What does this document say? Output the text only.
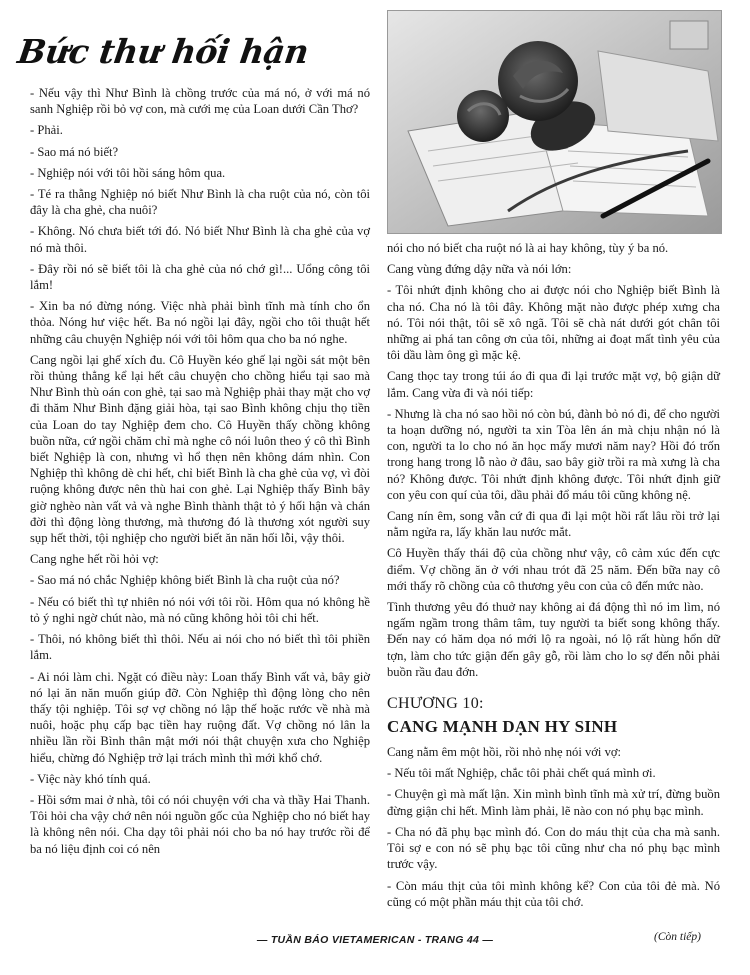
Bức thư hối hận

- Nếu vậy thì Như Bình là chồng trước của má nó, ở với má nó sanh Nghiệp rồi bỏ vợ con, mà cưới mẹ của Loan dưới Cần Thơ?

- Phải.

- Sao má nó biết?

- Nghiệp nói với tôi hồi sáng hôm qua.

- Té ra thằng Nghiệp nó biết Như Bình là cha ruột của nó, còn tôi đây là cha ghẻ, cha nuôi?

- Không. Nó chưa biết tới đó. Nó biết Như Bình là cha ghẻ của vợ nó mà thôi.

- Đây rồi nó sẽ biết tôi là cha ghẻ của nó chớ gì!... Uổng công tôi lắm!

- Xin ba nó đừng nóng. Việc nhà phải bình tĩnh mà tính cho ổn thỏa. Nóng hư việc hết. Ba nó ngồi lại đây, ngồi cho tôi thuật hết những câu chuyện Nghiệp nói với tôi hôm qua cho ba nó nghe.

Cang ngồi lại ghế xích đu. Cô Huyền kéo ghế lại ngồi sát một bên rồi thủng thẳng kể lại hết câu chuyện cho chồng hiểu tại sao mà Như Bình thù oán con ghẻ, tại sao mà Nghiệp phải thay mặt cho vợ đi thăm Như Bình đặng giải hòa, tại sao Bình không chịu thọ tiền của Loan do tay Nghiệp đem cho. Cô Huyền thấy chồng không buồn nữa, cứ ngồi chăm chỉ mà nghe cô nói luôn theo ý cô thì Bình biết Nghiệp là con, nhưng vì hổ thẹn nên không dám nhìn. Con Nghiệp thì không dè chi hết, chỉ biết Bình là cha ghẻ của vợ, vì đòi ruộng không được nên thù hai con ghẻ. Lại Nghiệp thấy Bình bây giờ nghèo nàn vất vả và nghe Bình thành thật tỏ ý hối hận và chán đời thì động lòng thương, mà thương đó là thương xót người suy sụp hết thời, tội nghiệp cho người biết ăn năn hối lỗi, vậy thôi.

Cang nghe hết rồi hỏi vợ:

- Sao má nó chắc Nghiệp không biết Bình là cha ruột của nó?

- Nếu có biết thì tự nhiên nó nói với tôi rồi. Hôm qua nó không hề tỏ ý nghi ngờ chút nào, mà nó cũng không hỏi tôi chi hết.

- Thôi, nó không biết thì thôi. Nếu ai nói cho nó biết thì tôi phiền lắm.

- Ai nói làm chi. Ngặt có điều này: Loan thấy Bình vất vả, bây giờ nó lại ăn năn muốn giúp đỡ. Còn Nghiệp thì động lòng cho nên thấy tội nghiệp. Tôi sợ vợ chồng nó lập thế hoặc rước về nhà mà nuôi, hoặc phụ cấp bạc tiền hay ruộng đất. Vợ chồng nó lân la nhiều lần rồi Bình thân mật mới nói thật chuyện xưa cho Nghiệp hiểu, chừng đó Nghiệp trở lại trách mình thì mới khổ chớ.

- Việc này khó tính quá.

- Hồi sớm mai ở nhà, tôi có nói chuyện với cha và thầy Hai Thanh. Tôi hỏi cha vậy chớ nên nói nguồn gốc của Nghiệp cho nó biết hay là không nên nói. Cha dạy tôi phải nói cho ba nó hay trước rồi để ba nó liệu định coi có nên

nói cho nó biết cha ruột nó là ai hay không, tùy ý ba nó.

Cang vùng đứng dậy nữa và nói lớn:

- Tôi nhứt định không cho ai được nói cho Nghiệp biết Bình là cha nó. Cha nó là tôi đây. Không mặt nào được phép xưng cha nó. Tôi nói thật, tôi sẽ xô ngã. Tôi sẽ chà nát dưới gót chân tôi những ai phá tan công ơn của tôi, những ai đoạt mất tình yêu của tôi dầu làm ông gì mặc kệ.

Cang thọc tay trong túi áo đi qua đi lại trước mặt vợ, bộ giận dữ lắm. Cang vừa đi và nói tiếp:

- Nhưng là cha nó sao hồi nó còn bú, đành bỏ nó đi, để cho người ta hoạn dưỡng nó, người ta xin Tòa lên án mà chịu nhận nó là con, người ta lo cho nó ăn học mấy mươi năm nay? Hồi đó trốn trong hang trong lỗ nào ở đâu, sao bây giờ trồi ra mà xưng là cha nó? Không được. Tôi nhứt định không được. Tôi nhứt định giữ con yêu con quí của tôi, dầu phải đổ máu tôi cũng không nệ.

Cang nín êm, song vẫn cứ đi qua đi lại một hồi rất lâu rồi trở lại nằm ngửa ra, lấy khăn lau nước mắt.

Cô Huyền thấy thái độ của chồng như vậy, cô cảm xúc đến cực điểm. Vợ chồng ăn ở với nhau trót đã 25 năm. Đến bữa nay cô mới thấy rõ chồng của cô thương yêu con của cô đến mức nào.

Tình thương yêu đó thuở nay không ai đá động thì nó im lìm, nó ngấm ngầm trong thâm tâm, tuy người ta biết song không thấy. Đến nay có hăm dọa nó mới lộ ra ngoài, nó lộ rất hùng hổn dữ tợn, làm cho tức giận đến gây gỗ, rồi làm cho lo sợ đến nỗi phải buồn rầu đau đớn.

CHƯƠNG 10:
CANG MẠNH DẠN HY SINH

Cang nằm êm một hồi, rồi nhỏ nhẹ nói với vợ:

- Nếu tôi mất Nghiệp, chắc tôi phải chết quá mình ơi.

- Chuyện gì mà mất lận. Xin mình bình tĩnh mà xử trí, đừng buồn đừng giận chi hết. Mình làm phải, lẽ nào con nó phụ bạc mình.

- Cha nó đã phụ bạc mình đó. Con do máu thịt của cha mà sanh. Tôi sợ e con nó sẽ phụ bạc tôi cũng như cha nó phụ bạc mình trước vậy.

- Còn máu thịt của tôi mình không kể? Con của tôi đẻ mà. Nó cũng có một phần máu thịt của tôi chớ.

— TUẦN BÁO VIETAMERICAN - TRANG 44 —	(Còn tiếp)
